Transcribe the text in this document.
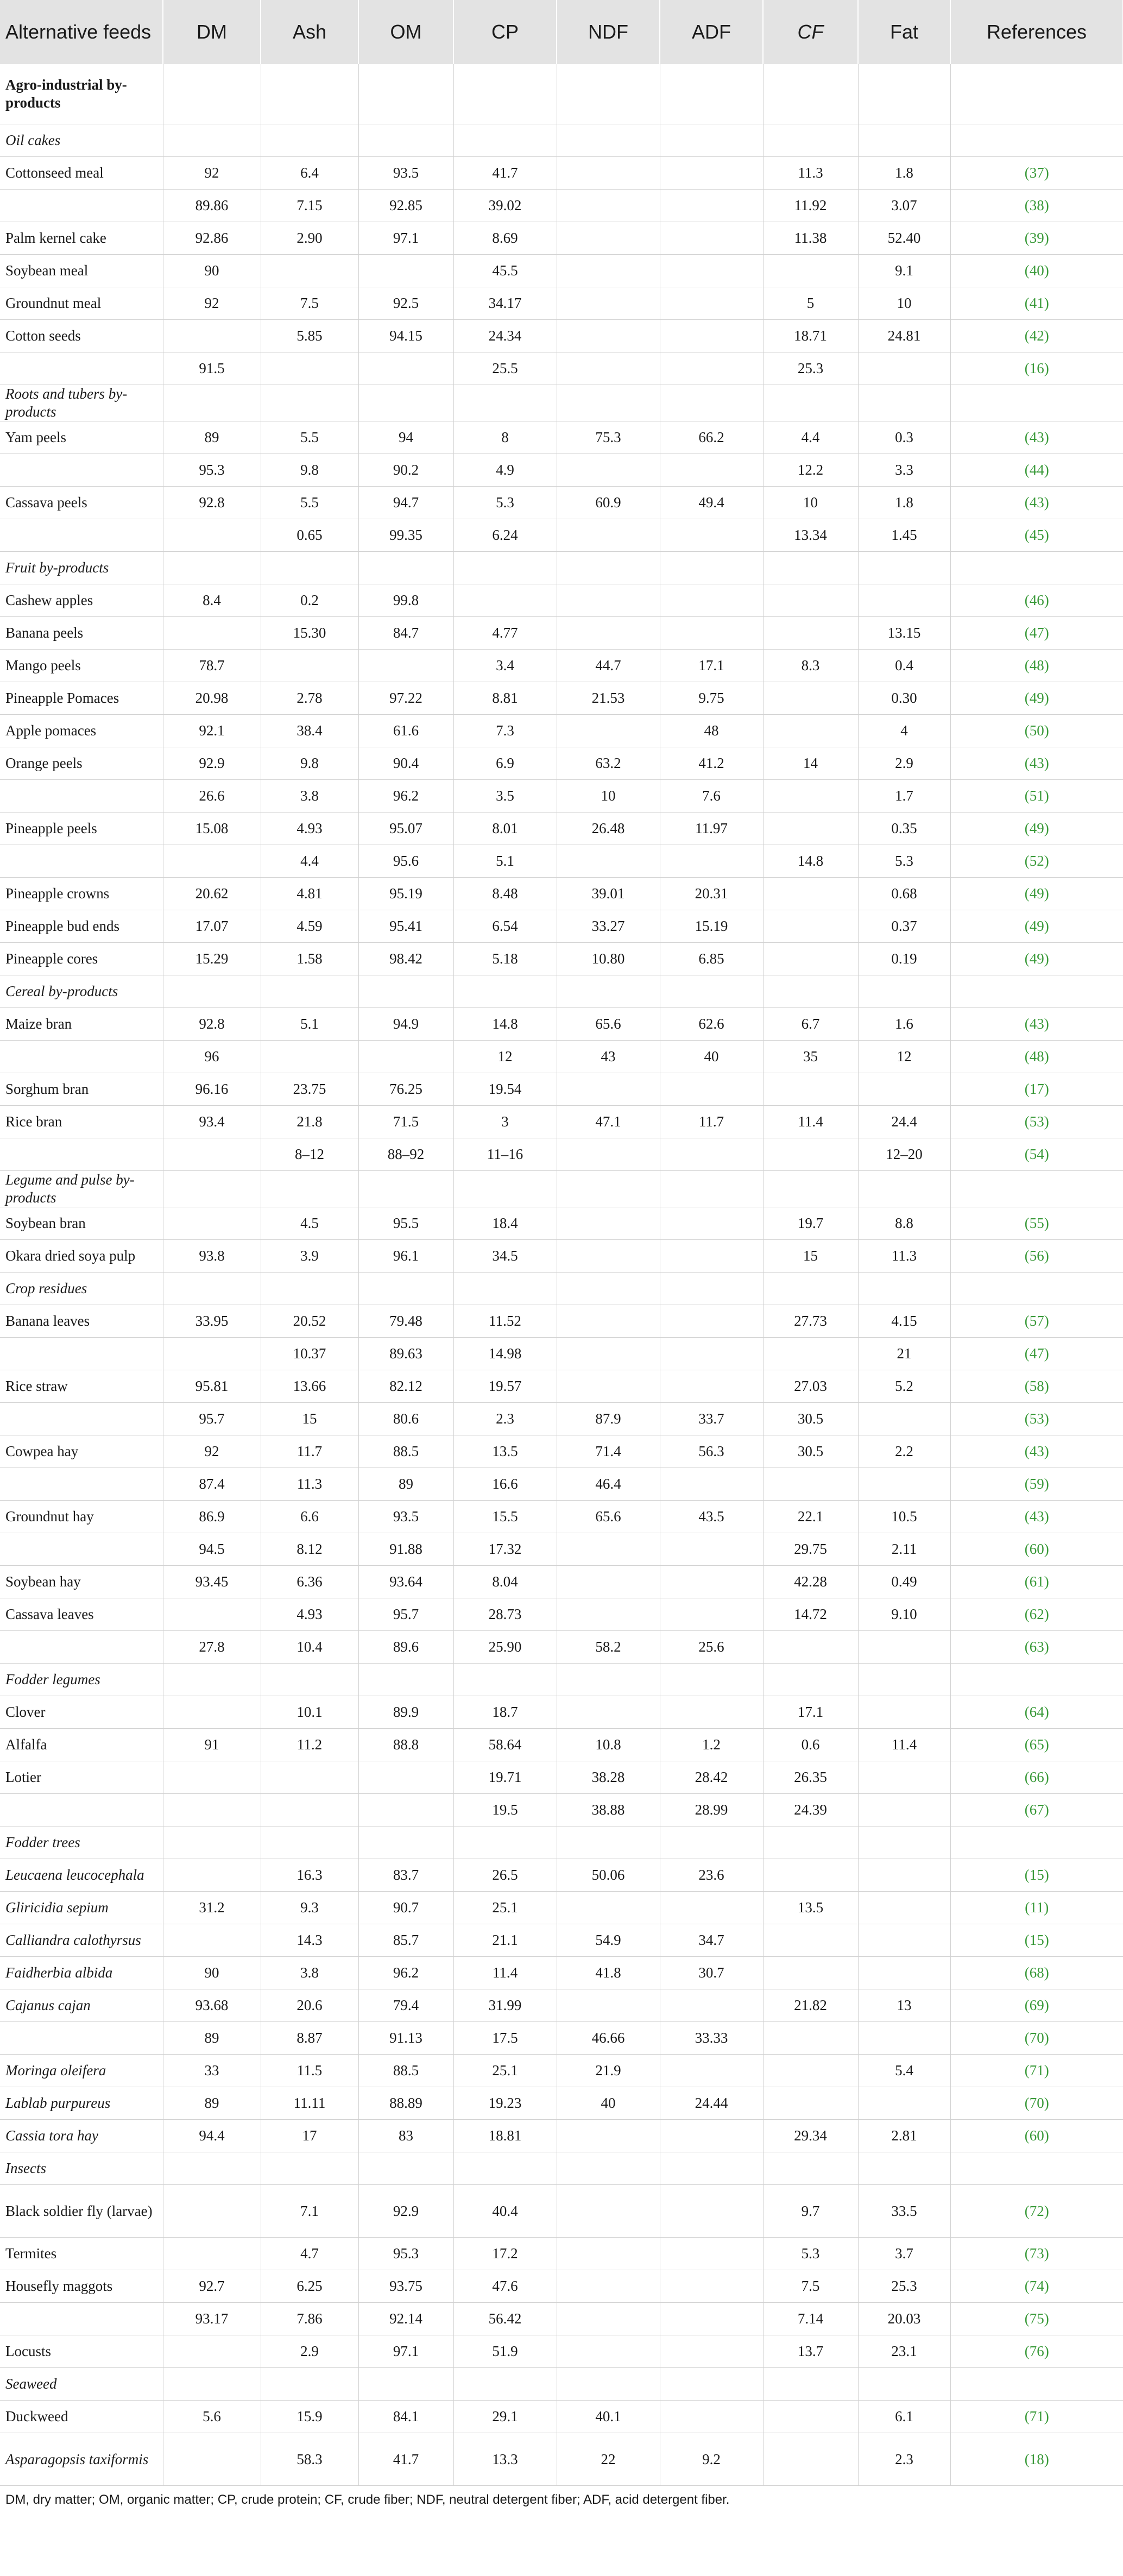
Alternative feeds	DM	Ash	OM	CP	NDF	ADF	CF	Fat	References
Agro-industrial by-products									
Oil cakes									
Cottonseed meal	92	6.4	93.5	41.7			11.3	1.8	(37)
	89.86	7.15	92.85	39.02			11.92	3.07	(38)
Palm kernel cake	92.86	2.90	97.1	8.69			11.38	52.40	(39)
Soybean meal	90			45.5				9.1	(40)
Groundnut meal	92	7.5	92.5	34.17			5	10	(41)
Cotton seeds		5.85	94.15	24.34			18.71	24.81	(42)
	91.5			25.5			25.3		(16)
Roots and tubers by-products									
Yam peels	89	5.5	94	8	75.3	66.2	4.4	0.3	(43)
	95.3	9.8	90.2	4.9			12.2	3.3	(44)
Cassava peels	92.8	5.5	94.7	5.3	60.9	49.4	10	1.8	(43)
		0.65	99.35	6.24			13.34	1.45	(45)
Fruit by-products									
Cashew apples	8.4	0.2	99.8						(46)
Banana peels		15.30	84.7	4.77				13.15	(47)
Mango peels	78.7			3.4	44.7	17.1	8.3	0.4	(48)
Pineapple Pomaces	20.98	2.78	97.22	8.81	21.53	9.75		0.30	(49)
Apple pomaces	92.1	38.4	61.6	7.3		48		4	(50)
Orange peels	92.9	9.8	90.4	6.9	63.2	41.2	14	2.9	(43)
	26.6	3.8	96.2	3.5	10	7.6		1.7	(51)
Pineapple peels	15.08	4.93	95.07	8.01	26.48	11.97		0.35	(49)
		4.4	95.6	5.1			14.8	5.3	(52)
Pineapple crowns	20.62	4.81	95.19	8.48	39.01	20.31		0.68	(49)
Pineapple bud ends	17.07	4.59	95.41	6.54	33.27	15.19		0.37	(49)
Pineapple cores	15.29	1.58	98.42	5.18	10.80	6.85		0.19	(49)
Cereal by-products									
Maize bran	92.8	5.1	94.9	14.8	65.6	62.6	6.7	1.6	(43)
	96			12	43	40	35	12	(48)
Sorghum bran	96.16	23.75	76.25	19.54					(17)
Rice bran	93.4	21.8	71.5	3	47.1	11.7	11.4	24.4	(53)
		8–12	88–92	11–16				12–20	(54)
Legume and pulse by-products									
Soybean bran		4.5	95.5	18.4			19.7	8.8	(55)
Okara dried soya pulp	93.8	3.9	96.1	34.5			15	11.3	(56)
Crop residues									
Banana leaves	33.95	20.52	79.48	11.52			27.73	4.15	(57)
		10.37	89.63	14.98				21	(47)
Rice straw	95.81	13.66	82.12	19.57			27.03	5.2	(58)
	95.7	15	80.6	2.3	87.9	33.7	30.5		(53)
Cowpea hay	92	11.7	88.5	13.5	71.4	56.3	30.5	2.2	(43)
	87.4	11.3	89	16.6	46.4				(59)
Groundnut hay	86.9	6.6	93.5	15.5	65.6	43.5	22.1	10.5	(43)
	94.5	8.12	91.88	17.32			29.75	2.11	(60)
Soybean hay	93.45	6.36	93.64	8.04			42.28	0.49	(61)
Cassava leaves		4.93	95.7	28.73			14.72	9.10	(62)
	27.8	10.4	89.6	25.90	58.2	25.6			(63)
Fodder legumes									
Clover		10.1	89.9	18.7			17.1		(64)
Alfalfa	91	11.2	88.8	58.64	10.8	1.2	0.6	11.4	(65)
Lotier				19.71	38.28	28.42	26.35		(66)
				19.5	38.88	28.99	24.39		(67)
Fodder trees									
Leucaena leucocephala		16.3	83.7	26.5	50.06	23.6			(15)
Gliricidia sepium	31.2	9.3	90.7	25.1			13.5		(11)
Calliandra calothyrsus		14.3	85.7	21.1	54.9	34.7			(15)
Faidherbia albida	90	3.8	96.2	11.4	41.8	30.7			(68)
Cajanus cajan	93.68	20.6	79.4	31.99			21.82	13	(69)
	89	8.87	91.13	17.5	46.66	33.33			(70)
Moringa oleifera	33	11.5	88.5	25.1	21.9			5.4	(71)
Lablab purpureus	89	11.11	88.89	19.23	40	24.44			(70)
Cassia tora hay	94.4	17	83	18.81			29.34	2.81	(60)
Insects									
Black soldier fly (larvae)		7.1	92.9	40.4			9.7	33.5	(72)
Termites		4.7	95.3	17.2			5.3	3.7	(73)
Housefly maggots	92.7	6.25	93.75	47.6			7.5	25.3	(74)
	93.17	7.86	92.14	56.42			7.14	20.03	(75)
Locusts		2.9	97.1	51.9			13.7	23.1	(76)
Seaweed									
Duckweed	5.6	15.9	84.1	29.1	40.1			6.1	(71)
Asparagopsis taxiformis		58.3	41.7	13.3	22	9.2		2.3	(18)
DM, dry matter; OM, organic matter; CP, crude protein; CF, crude fiber; NDF, neutral detergent fiber; ADF, acid detergent fiber.
